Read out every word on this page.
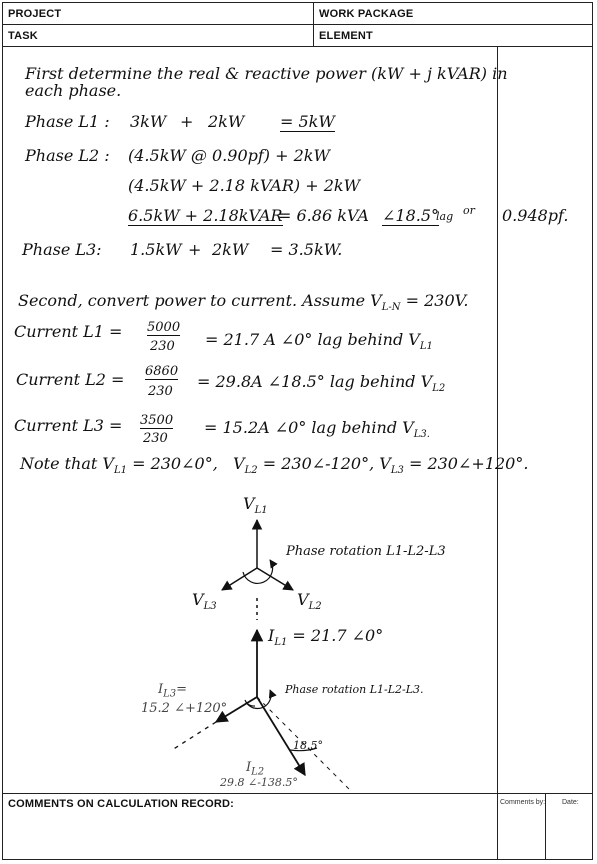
PROJECT	WORK PACKAGE
TASK	ELEMENT
COMMENTS ON CALCULATION RECORD:	Comments by: Date:
First determine the real & reactive power (kW + j kVAR) in
each phase.
Phase L1 : 3kW + 2kW = 5kW
Phase L2 : (4.5kW @ 0.90pf) + 2kW
(4.5kW + 2.18 kVAR) + 2kW
6.5kW + 2.18kVAR
= 6.86 kVA ∠18.5°
lag or 0.948pf.
Phase L3: 1.5kW + 2kW = 3.5kW.
Second, convert power to current. Assume $V_{L-N} = 230V$.
Current L1 = 5000
230 = 21.7 A ∠0° lag behind $V_{L1}$
Current L2 = 6860
230
= 29.8A ∠18.5° lag behind $V_{L2}$
Current L3 = 3500
230
= 15.2A ∠0° lag behind $V_{L3.}$
Note that $V_{L1}$ = 230∠0°, $V_{L2}$ = 230∠-120°, $V_{L3}$ = 230∠+120°.
$V_{L1}$
$V_{L2}$
$V_{L3}$
Phase rotation L1-L2-L3
$I_{L1} = 21.7$ ∠0°
Phase rotation L1-L2-L3.
$I_{L3}=$
15.2 ∠+120°
18.5°
$I_{L2}$
29.8 ∠-138.5°
